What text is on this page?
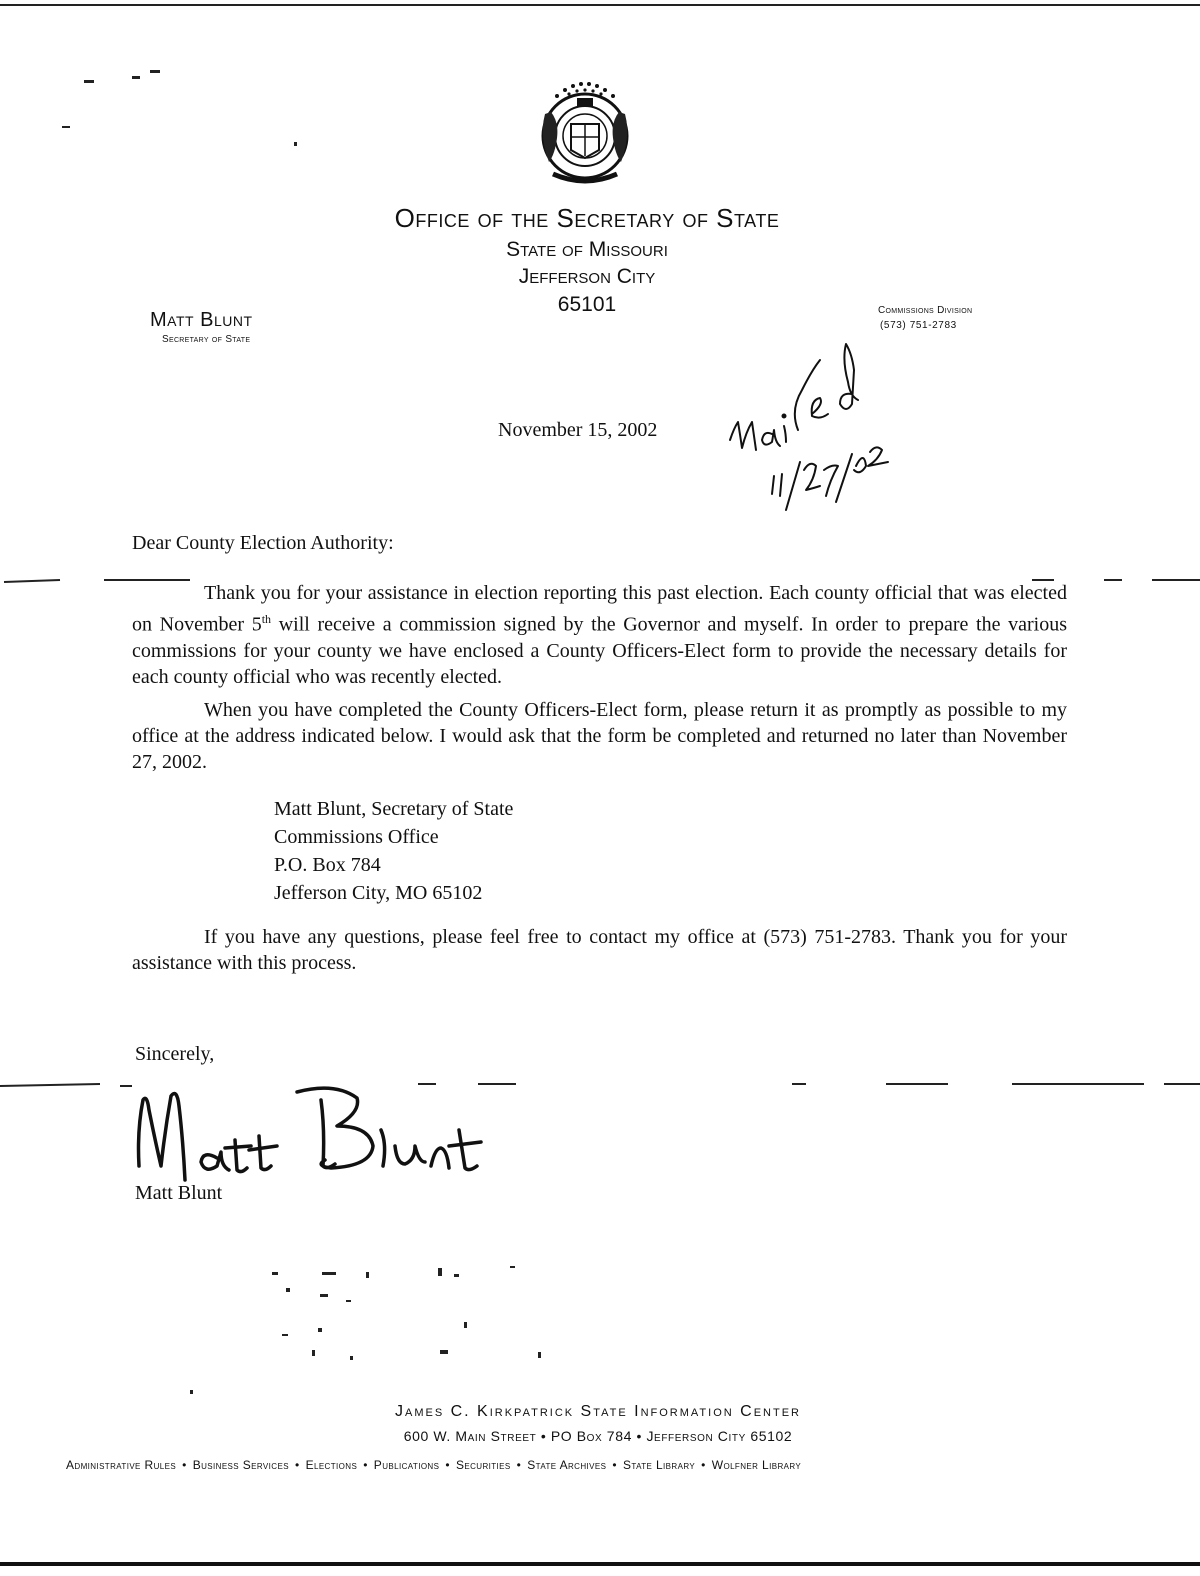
Office of the Secretary of State
State of Missouri
Jefferson City
65101
Matt Blunt
Secretary of State
Commissions Division
(573) 751-2783
November 15, 2002
Dear County Election Authority:
Thank you for your assistance in election reporting this past election. Each county official that was elected on November 5th will receive a commission signed by the Governor and myself. In order to prepare the various commissions for your county we have enclosed a County Officers-Elect form to provide the necessary details for each county official who was recently elected.
When you have completed the County Officers-Elect form, please return it as promptly as possible to my office at the address indicated below. I would ask that the form be completed and returned no later than November 27, 2002.
Matt Blunt, Secretary of State
Commissions Office
P.O. Box 784
Jefferson City, MO 65102
If you have any questions, please feel free to contact my office at (573) 751-2783. Thank you for your assistance with this process.
Sincerely,
Matt Blunt
James C. Kirkpatrick State Information Center
600 W. Main Street • PO Box 784 • Jefferson City 65102
Administrative Rules • Business Services • Elections • Publications • Securities • State Archives • State Library • Wolfner Library
